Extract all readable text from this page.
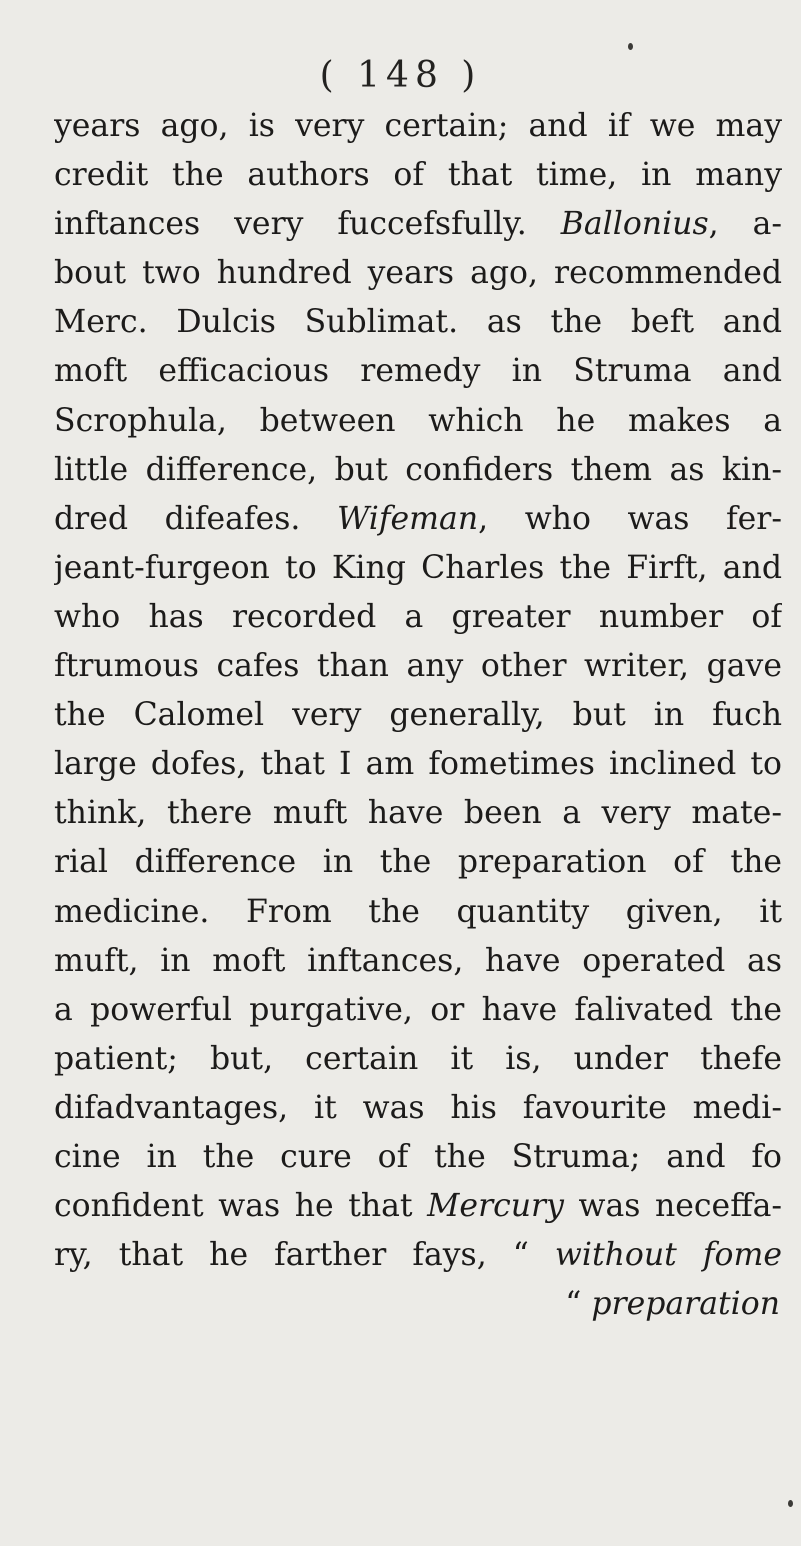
( 148 )
years ago, is very certain; and if we may
credit the authors of that time, in many
inftances very fuccefsfully. Ballonius, a-
bout two hundred years ago, recommended
Merc. Dulcis Sublimat. as the beft and
moft efficacious remedy in Struma and
Scrophula, between which he makes a
little difference, but confiders them as kin-
dred difeafes. Wifeman, who was fer-
jeant-furgeon to King Charles the Firft, and
who has recorded a greater number of
ftrumous cafes than any other writer, gave
the Calomel very generally, but in fuch
large dofes, that I am fometimes inclined to
think, there muft have been a very mate-
rial difference in the preparation of the
medicine. From the quantity given, it
muft, in moft inftances, have operated as
a powerful purgative, or have falivated the
patient; but, certain it is, under thefe
difadvantages, it was his favourite medi-
cine in the cure of the Struma; and fo
confident was he that Mercury was neceffa-
ry, that he farther fays, “ without fome
“ preparation
